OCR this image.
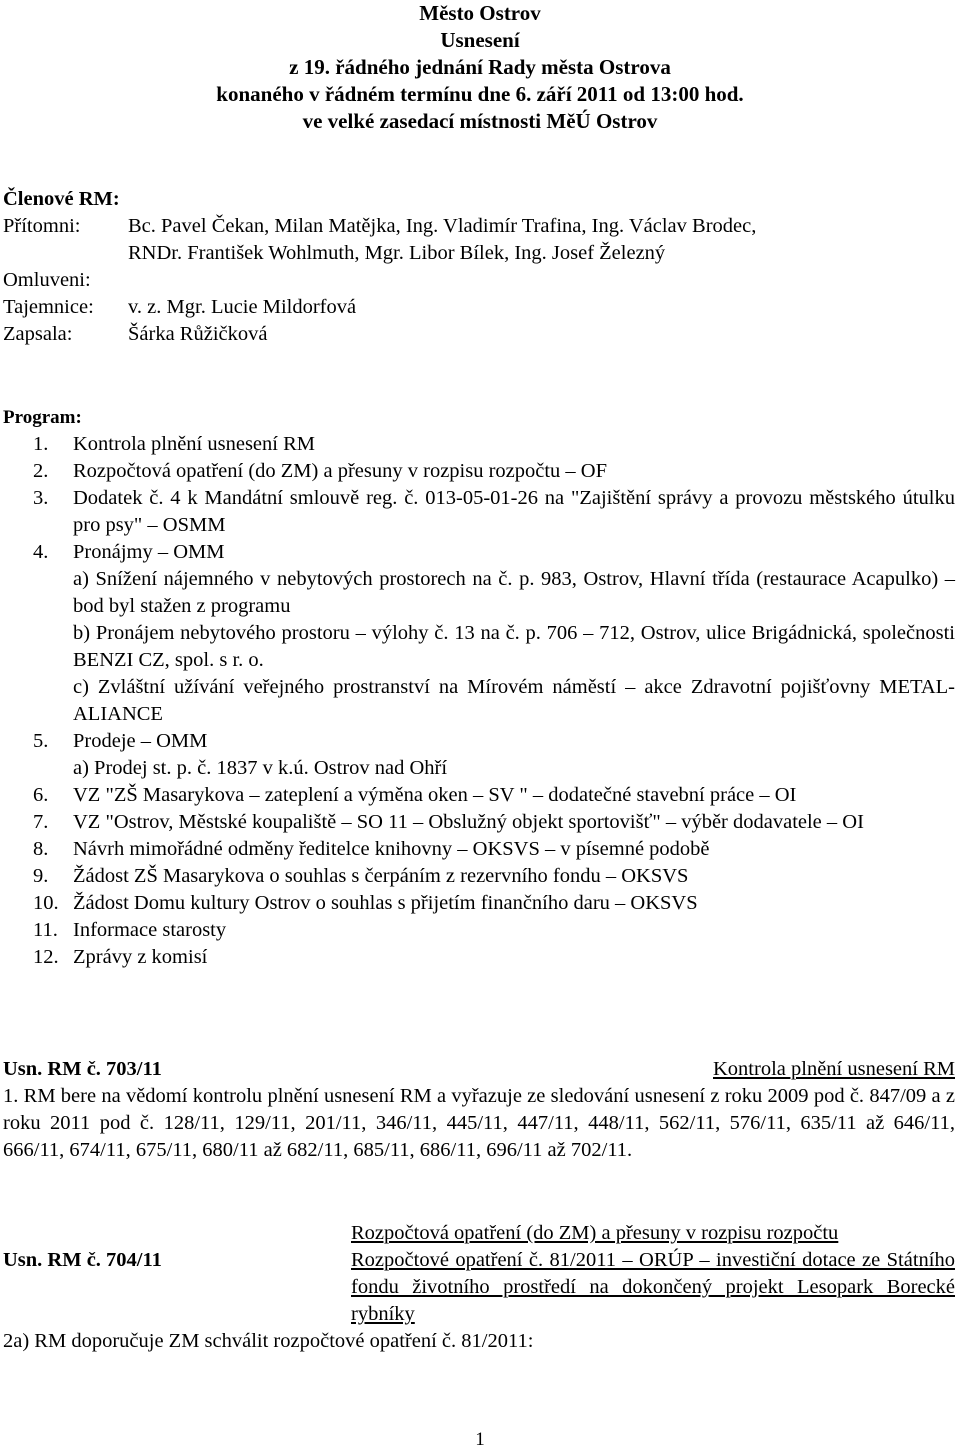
Město Ostrov
Usnesení
z 19. řádného jednání Rady města Ostrova
konaného v řádném termínu dne 6. září 2011 od 13:00 hod.
ve velké zasedací místnosti MěÚ Ostrov
Členové RM:
Přítomni:	Bc. Pavel Čekan, Milan Matějka, Ing. Vladimír Trafina, Ing. Václav Brodec,
RNDr. František Wohlmuth, Mgr. Libor Bílek, Ing. Josef Železný
Omluveni:
Tajemnice:	v. z. Mgr. Lucie Mildorfová
Zapsala:	Šárka Růžičková
Program:
1.	Kontrola plnění usnesení RM
2.	Rozpočtová opatření (do ZM) a přesuny v rozpisu rozpočtu – OF
3.	Dodatek č. 4 k Mandátní smlouvě reg. č. 013-05-01-26 na "Zajištění správy a provozu městského útulku pro psy" – OSMM
4.	Pronájmy – OMM
a) Snížení nájemného v nebytových prostorech na č. p. 983, Ostrov, Hlavní třída (restaurace Acapulko) – bod byl stažen z programu
b) Pronájem nebytového prostoru – výlohy č. 13 na č. p. 706 – 712, Ostrov, ulice Brigádnická, společnosti BENZI CZ, spol. s r. o.
c) Zvláštní užívání veřejného prostranství na Mírovém náměstí – akce Zdravotní pojišťovny METAL-ALIANCE
5.	Prodeje – OMM
a) Prodej st. p. č. 1837 v k.ú. Ostrov nad Ohří
6.	VZ "ZŠ Masarykova – zateplení a výměna oken – SV " – dodatečné stavební práce – OI
7.	VZ "Ostrov, Městské koupaliště – SO 11 – Obslužný objekt sportovišť" – výběr dodavatele – OI
8.	Návrh mimořádné odměny ředitelce knihovny – OKSVS – v písemné podobě
9.	Žádost ZŠ Masarykova o souhlas s čerpáním z rezervního fondu – OKSVS
10. Žádost Domu kultury Ostrov o souhlas s přijetím finančního daru – OKSVS
11. Informace starosty
12. Zprávy z komisí
Usn. RM č. 703/11	Kontrola plnění usnesení RM
1. RM bere na vědomí kontrolu plnění usnesení RM a vyřazuje ze sledování usnesení z roku 2009 pod č. 847/09 a z roku 2011 pod č. 128/11, 129/11, 201/11, 346/11, 445/11, 447/11, 448/11, 562/11, 576/11, 635/11 až 646/11, 666/11, 674/11, 675/11, 680/11 až 682/11, 685/11, 686/11, 696/11 až 702/11.
Usn. RM č. 704/11
Rozpočtová opatření (do ZM) a přesuny v rozpisu rozpočtu
Rozpočtové opatření č. 81/2011 – ORÚP – investiční dotace ze Státního fondu životního prostředí na dokončený projekt Lesopark Borecké rybníky
2a) RM doporučuje ZM schválit rozpočtové opatření č. 81/2011:
1
